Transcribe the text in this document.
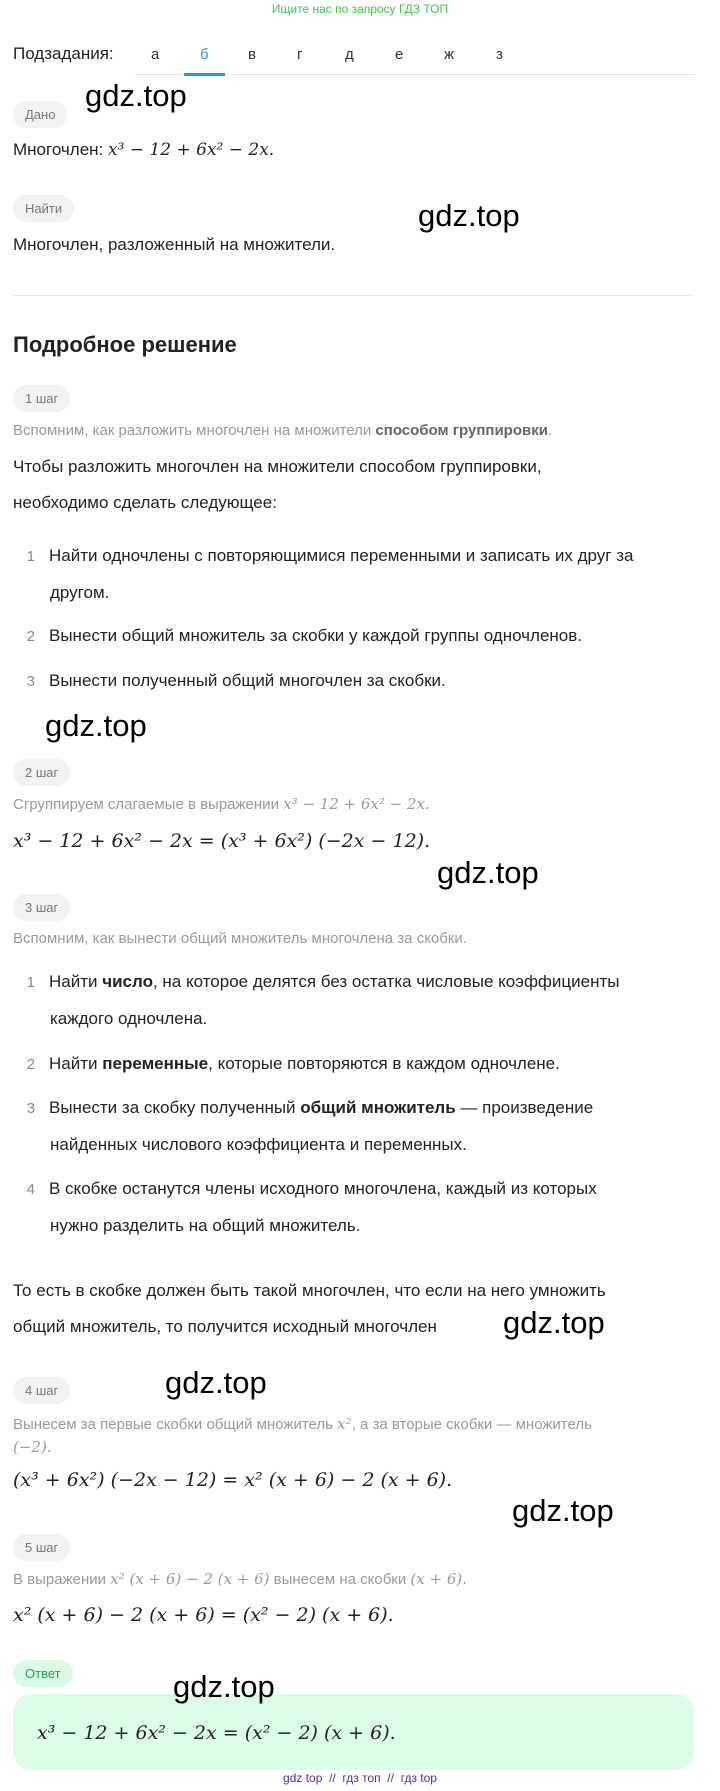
Ищите нас по запросу ГДЗ ТОП
Подзадания: а	б	в	г	д	е	ж	з
Дано
gdz.top
Многочлен: x³ − 12 + 6x² − 2x.
Найти	gdz.top
Многочлен, разложенный на множители.
Подробное решение
1 шаг
Вспомним, как разложить многочлен на множители способом группировки.
Чтобы разложить многочлен на множители способом группировки,
необходимо сделать следующее:
1 Найти одночлены с повторяющимися переменными и записать их друг за
другом.
2 Вынести общий множитель за скобки у каждой группы одночленов.
3 Вынести полученный общий многочлен за скобки.
gdz.top
2 шаг
Сгруппируем слагаемые в выражении x³ − 12 + 6x² − 2x.
x³ − 12 + 6x² − 2x = (x³ + 6x²) (−2x − 12).
gdz.top
3 шаг
Вспомним, как вынести общий множитель многочлена за скобки.
1 Найти число, на которое делятся без остатка числовые коэффициенты
каждого одночлена.
2 Найти переменные, которые повторяются в каждом одночлене.
3 Вынести за скобку полученный общий множитель — произведение
найденных числового коэффициента и переменных.
4 В скобке останутся члены исходного многочлена, каждый из которых
нужно разделить на общий множитель.
То есть в скобке должен быть такой многочлен, что если на него умножить
общий множитель, то получится исходный многочлен gdz.top
4 шаг	gdz.top
Вынесем за первые скобки общий множитель x², а за вторые скобки — множитель
(−2).
(x³ + 6x²) (−2x − 12) = x² (x + 6) − 2 (x + 6).
gdz.top
5 шаг
В выражении x² (x + 6) − 2 (x + 6) вынесем на скобки (x + 6).
x² (x + 6) − 2 (x + 6) = (x² − 2) (x + 6).
Ответ
x³ − 12 + 6x² − 2x = (x² − 2) (x + 6).
gdz.top
gdz top  //  гдз топ  //  гдз top
